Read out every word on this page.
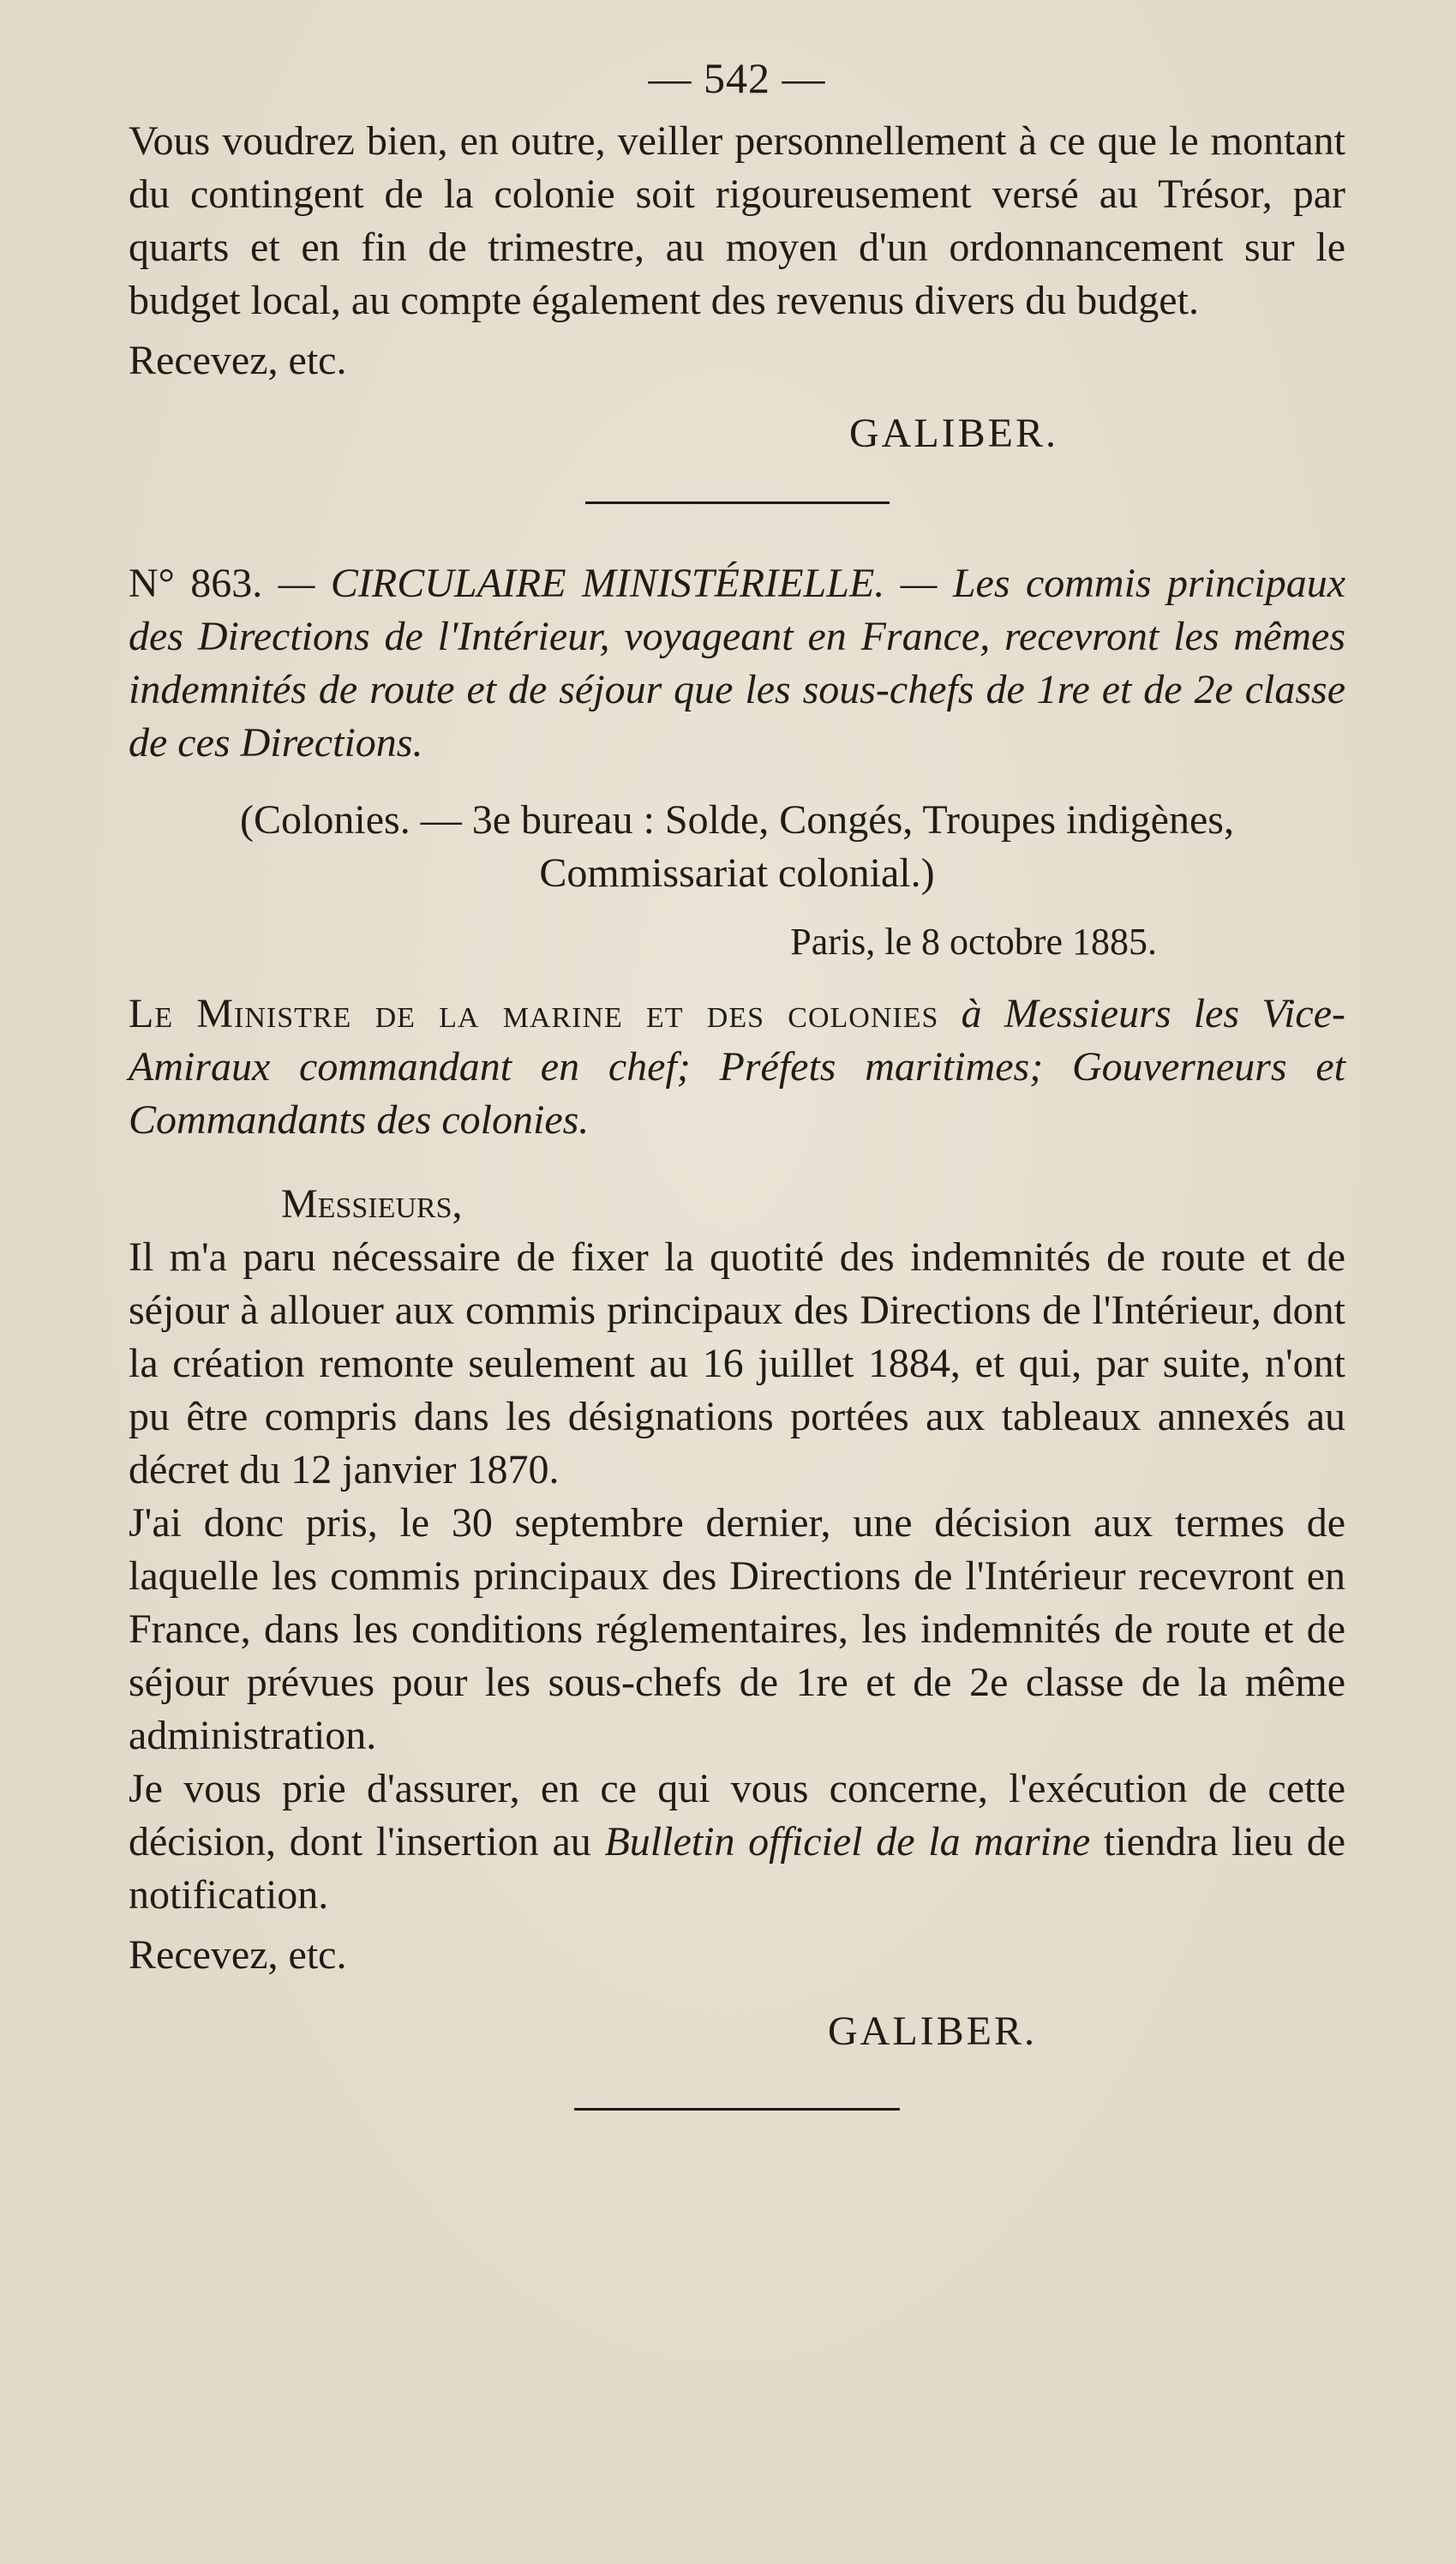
— 542 —

Vous voudrez bien, en outre, veiller personnellement à ce que le montant du contingent de la colonie soit rigoureusement versé au Trésor, par quarts et en fin de trimestre, au moyen d'un ordonnancement sur le budget local, au compte également des revenus divers du budget.

Recevez, etc.
GALIBER.

N° 863. — CIRCULAIRE MINISTÉRIELLE. — Les commis principaux des Directions de l'Intérieur, voyageant en France, recevront les mêmes indemnités de route et de séjour que les sous-chefs de 1re et de 2e classe de ces Directions.

(Colonies. — 3e bureau : Solde, Congés, Troupes indigènes, Commissariat colonial.)
Paris, le 8 octobre 1885.

Le Ministre de la marine et des colonies à Messieurs les Vice-Amiraux commandant en chef; Préfets maritimes; Gouverneurs et Commandants des colonies.

Messieurs,

Il m'a paru nécessaire de fixer la quotité des indemnités de route et de séjour à allouer aux commis principaux des Directions de l'Intérieur, dont la création remonte seulement au 16 juillet 1884, et qui, par suite, n'ont pu être compris dans les désignations portées aux tableaux annexés au décret du 12 janvier 1870.

J'ai donc pris, le 30 septembre dernier, une décision aux termes de laquelle les commis principaux des Directions de l'Intérieur recevront en France, dans les conditions réglementaires, les indemnités de route et de séjour prévues pour les sous-chefs de 1re et de 2e classe de la même administration.

Je vous prie d'assurer, en ce qui vous concerne, l'exécution de cette décision, dont l'insertion au Bulletin officiel de la marine tiendra lieu de notification.

Recevez, etc.
GALIBER.
